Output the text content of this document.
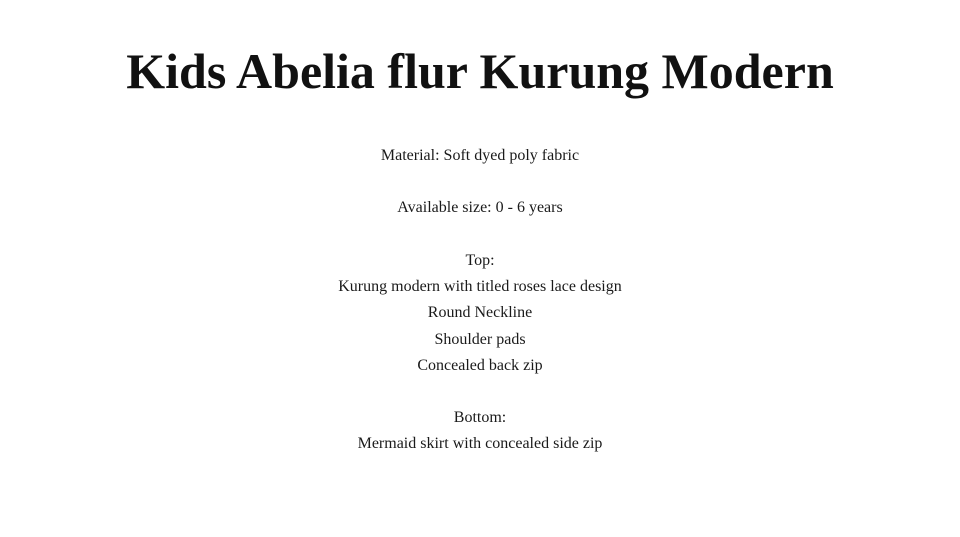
Kids Abelia flur Kurung Modern
Material: Soft dyed poly fabric
Available size: 0 - 6 years
Top:
Kurung modern with titled roses lace design
Round Neckline
Shoulder pads
Concealed back zip
Bottom:
Mermaid skirt with concealed side zip
